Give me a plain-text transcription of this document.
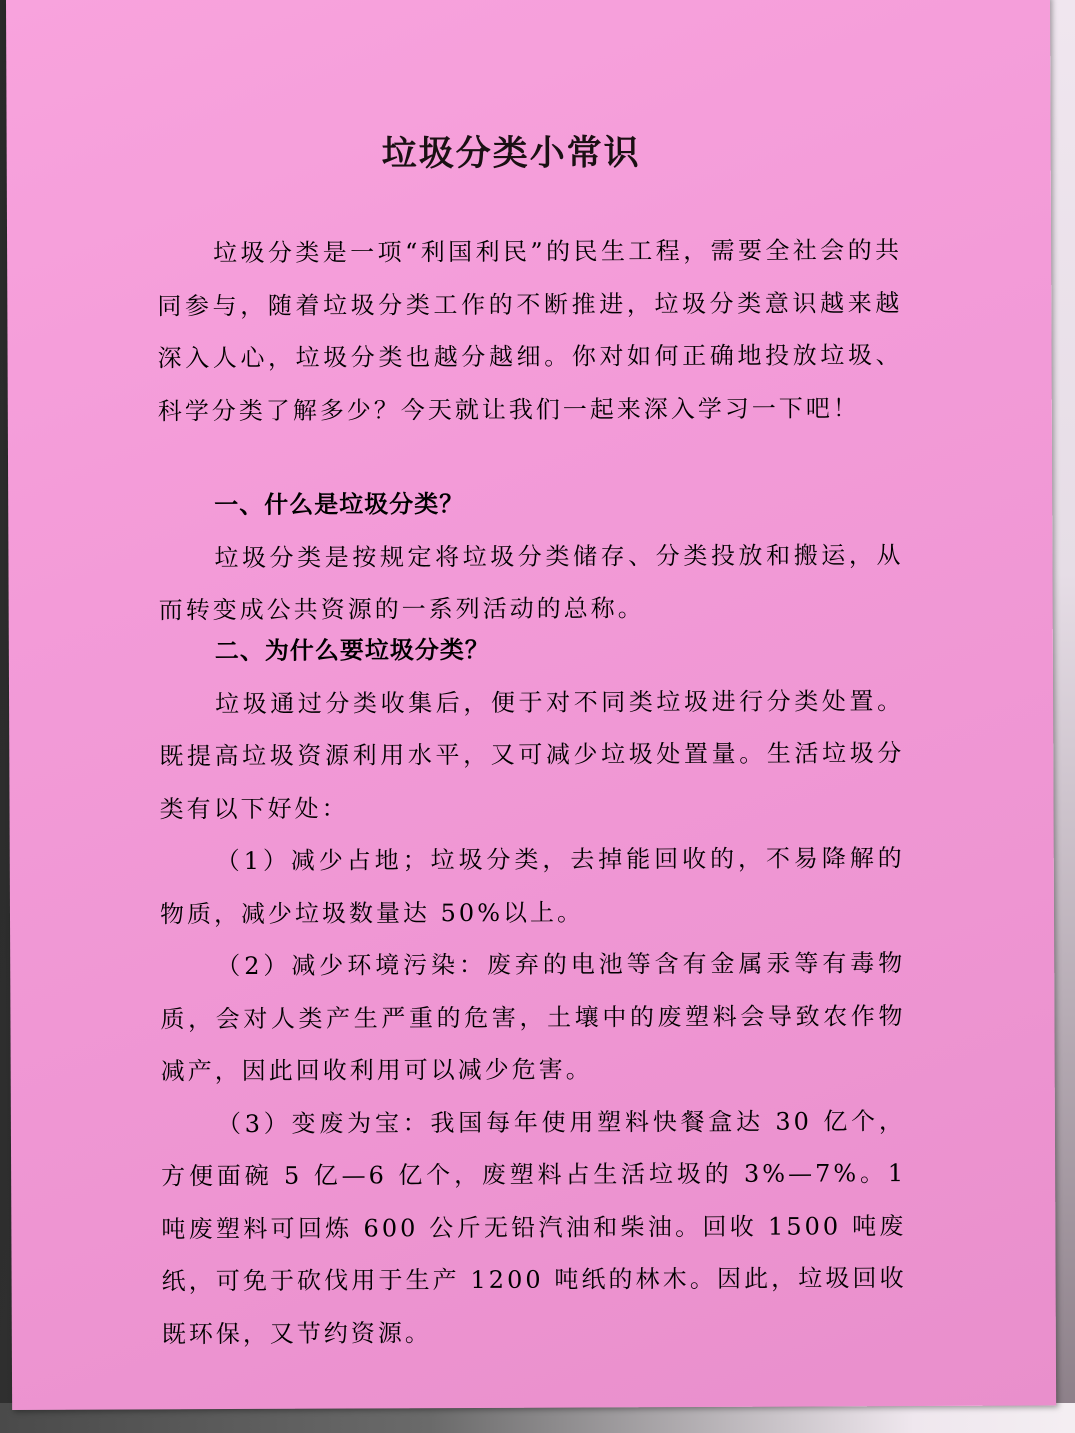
垃圾分类小常识

垃圾分类是一项“利国利民”的民生工程，需要全社会的共同参与，随着垃圾分类工作的不断推进，垃圾分类意识越来越深入人心，垃圾分类也越分越细。你对如何正确地投放垃圾、科学分类了解多少？今天就让我们一起来深入学习一下吧！

一、什么是垃圾分类？

垃圾分类是按规定将垃圾分类储存、分类投放和搬运，从而转变成公共资源的一系列活动的总称。

二、为什么要垃圾分类？

垃圾通过分类收集后，便于对不同类垃圾进行分类处置。既提高垃圾资源利用水平，又可减少垃圾处置量。生活垃圾分类有以下好处：

（1）减少占地；垃圾分类，去掉能回收的，不易降解的物质，减少垃圾数量达 50%以上。

（2）减少环境污染：废弃的电池等含有金属汞等有毒物质，会对人类产生严重的危害，土壤中的废塑料会导致农作物减产，因此回收利用可以减少危害。

（3）变废为宝：我国每年使用塑料快餐盒达 30 亿个，方便面碗 5 亿—6 亿个，废塑料占生活垃圾的 3%—7%。1吨废塑料可回炼 600 公斤无铅汽油和柴油。回收 1500 吨废纸，可免于砍伐用于生产 1200 吨纸的林木。因此，垃圾回收既环保，又节约资源。
